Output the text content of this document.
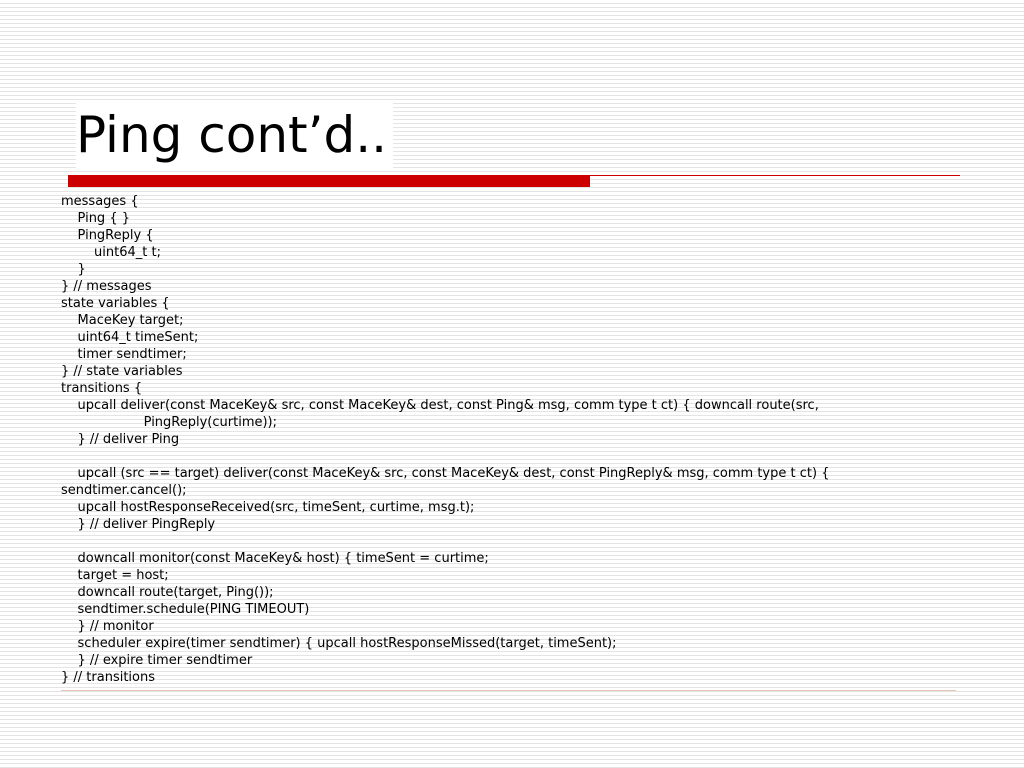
Ping cont’d..
messages {
Ping { }
PingReply {
uint64_t t;
}
} // messages
state variables {
MaceKey target;
uint64_t timeSent;
timer sendtimer;
} // state variables
transitions {
upcall deliver(const MaceKey& src, const MaceKey& dest, const Ping& msg, comm type t ct) { downcall route(src,
PingReply(curtime));
} // deliver Ping
upcall (src == target) deliver(const MaceKey& src, const MaceKey& dest, const PingReply& msg, comm type t ct) {
sendtimer.cancel();
upcall hostResponseReceived(src, timeSent, curtime, msg.t);
} // deliver PingReply
downcall monitor(const MaceKey& host) { timeSent = curtime;
target = host;
downcall route(target, Ping());
sendtimer.schedule(PING TIMEOUT)
} // monitor
scheduler expire(timer sendtimer) { upcall hostResponseMissed(target, timeSent);
} // expire timer sendtimer
} // transitions
